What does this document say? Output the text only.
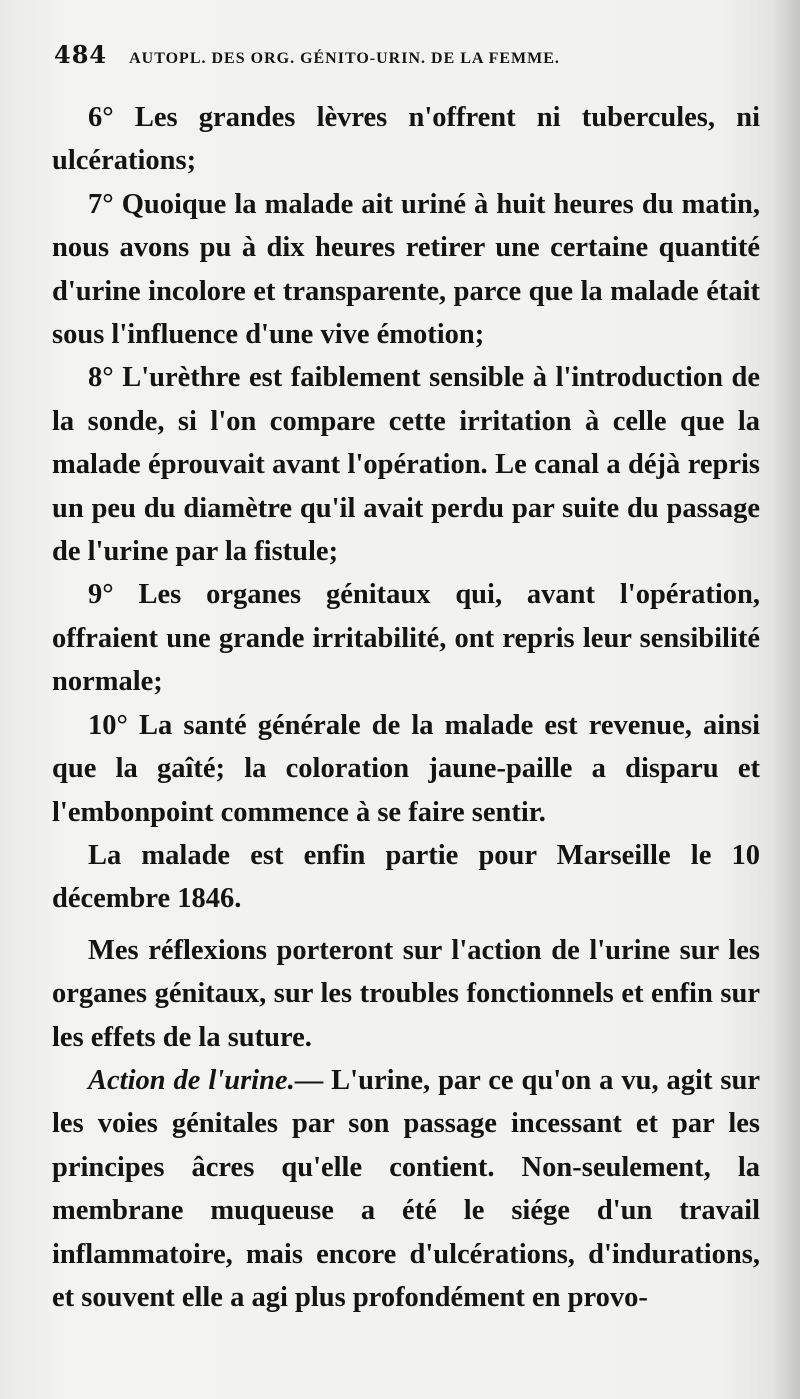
484 AUTOPL. DES ORG. GÉNITO-URIN. DE LA FEMME.

6° Les grandes lèvres n'offrent ni tubercules, ni ulcérations;

7° Quoique la malade ait uriné à huit heures du matin, nous avons pu à dix heures retirer une certaine quantité d'urine incolore et transparente, parce que la malade était sous l'influence d'une vive émotion;

8° L'urèthre est faiblement sensible à l'introduction de la sonde, si l'on compare cette irritation à celle que la malade éprouvait avant l'opération. Le canal a déjà repris un peu du diamètre qu'il avait perdu par suite du passage de l'urine par la fistule;

9° Les organes génitaux qui, avant l'opération, offraient une grande irritabilité, ont repris leur sensibilité normale;

10° La santé générale de la malade est revenue, ainsi que la gaîté; la coloration jaune-paille a disparu et l'embonpoint commence à se faire sentir.

La malade est enfin partie pour Marseille le 10 décembre 1846.

Mes réflexions porteront sur l'action de l'urine sur les organes génitaux, sur les troubles fonctionnels et enfin sur les effets de la suture.

Action de l'urine.— L'urine, par ce qu'on a vu, agit sur les voies génitales par son passage incessant et par les principes âcres qu'elle contient. Non-seulement, la membrane muqueuse a été le siége d'un travail inflammatoire, mais encore d'ulcérations, d'indurations, et souvent elle a agi plus profondément en provo-
